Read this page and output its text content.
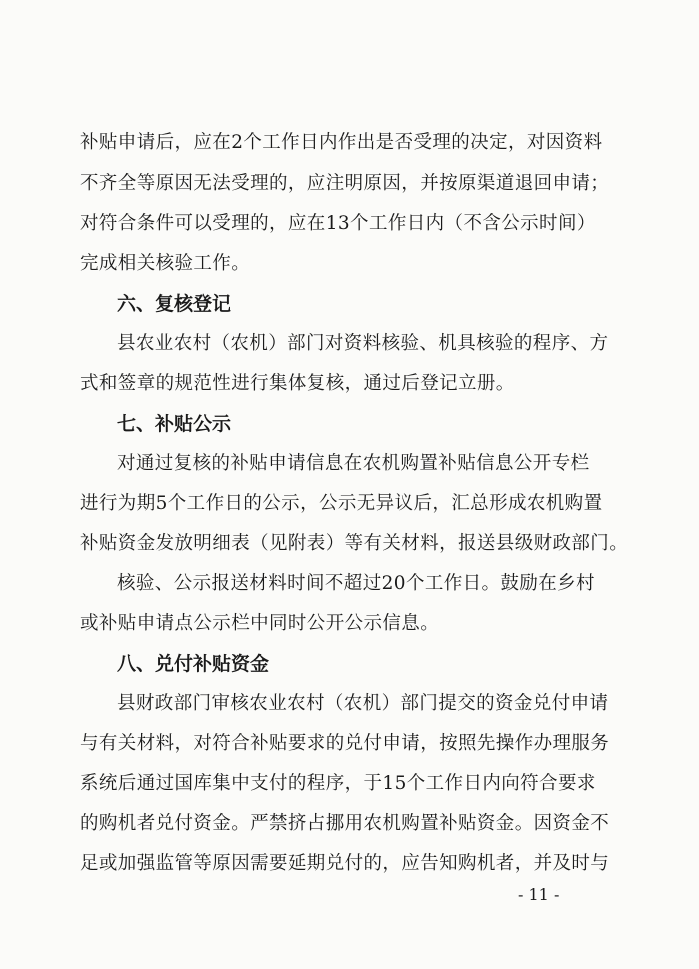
补贴申请后，应在2个工作日内作出是否受理的决定，对因资料
不齐全等原因无法受理的，应注明原因，并按原渠道退回申请；
对符合条件可以受理的，应在13个工作日内（不含公示时间）
完成相关核验工作。
六、复核登记
县农业农村（农机）部门对资料核验、机具核验的程序、方
式和签章的规范性进行集体复核，通过后登记立册。
七、补贴公示
对通过复核的补贴申请信息在农机购置补贴信息公开专栏
进行为期5个工作日的公示，公示无异议后，汇总形成农机购置
补贴资金发放明细表（见附表）等有关材料，报送县级财政部门。
核验、公示报送材料时间不超过20个工作日。鼓励在乡村
或补贴申请点公示栏中同时公开公示信息。
八、兑付补贴资金
县财政部门审核农业农村（农机）部门提交的资金兑付申请
与有关材料，对符合补贴要求的兑付申请，按照先操作办理服务
系统后通过国库集中支付的程序，于15个工作日内向符合要求
的购机者兑付资金。严禁挤占挪用农机购置补贴资金。因资金不
足或加强监管等原因需要延期兑付的，应告知购机者，并及时与
- 11 -
